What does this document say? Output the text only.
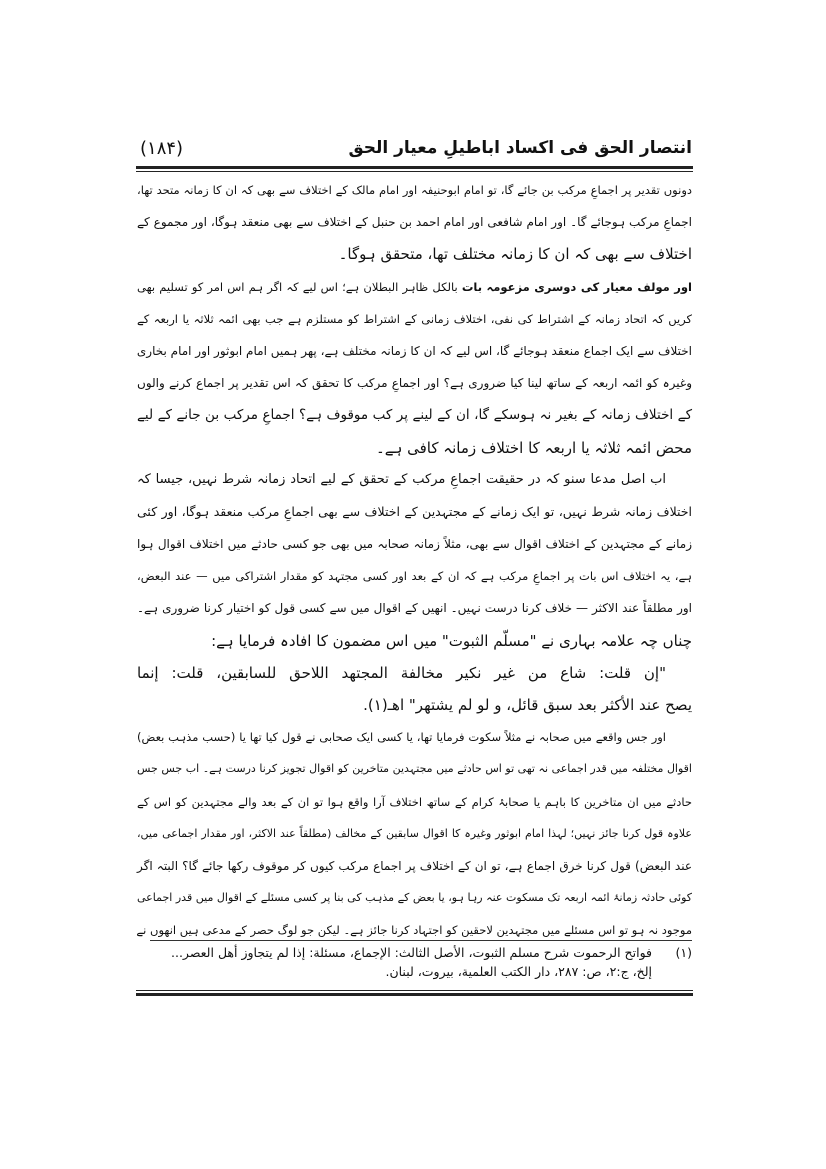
انتصار الحق فی اکساد اباطیلِ معیار الحق
(۱۸۴)
دونوں تقدیر پر اجماعِ مرکب بن جائے گا، تو امام ابوحنیفہ اور امام مالک کے اختلاف سے بھی کہ ان کا زمانہ متحد تھا،
اجماعِ مرکب ہوجائے گا۔ اور امام شافعی اور امام احمد بن حنبل کے اختلاف سے بھی منعقد ہوگا، اور مجموع کے
اختلاف سے بھی کہ ان کا زمانہ مختلف تھا، متحقق ہوگا۔
اور مولف معیار کی دوسری مزعومہ بات بالکل ظاہر البطلان ہے؛ اس لیے کہ اگر ہم اس امر کو تسلیم بھی
کریں کہ اتحاد زمانہ کے اشتراط کی نفی، اختلاف زمانی کے اشتراط کو مستلزم ہے جب بھی ائمہ ثلاثہ یا اربعہ کے
اختلاف سے ایک اجماع منعقد ہوجائے گا، اس لیے کہ ان کا زمانہ مختلف ہے، پھر ہمیں امام ابوثور اور امام بخاری
وغیرہ کو ائمہ اربعہ کے ساتھ لینا کیا ضروری ہے؟ اور اجماعِ مرکب کا تحقق کہ اس تقدیر پر اجماع کرنے والوں
کے اختلاف زمانہ کے بغیر نہ ہوسکے گا، ان کے لینے پر کب موقوف ہے؟ اجماعِ مرکب بن جانے کے لیے
محض ائمہ ثلاثہ یا اربعہ کا اختلاف زمانہ کافی ہے۔
اب اصل مدعا سنو کہ در حقیقت اجماعِ مرکب کے تحقق کے لیے اتحاد زمانہ شرط نہیں، جیسا کہ
اختلاف زمانہ شرط نہیں، تو ایک زمانے کے مجتہدین کے اختلاف سے بھی اجماعِ مرکب منعقد ہوگا، اور کئی
زمانے کے مجتہدین کے اختلاف اقوال سے بھی، مثلاً زمانہ صحابہ میں بھی جو کسی حادثے میں اختلاف اقوال ہوا
ہے، یہ اختلاف اس بات پر اجماعِ مرکب ہے کہ ان کے بعد اور کسی مجتہد کو مقدار اشتراکی میں — عند البعض،
اور مطلقاً عند الاکثر — خلاف کرنا درست نہیں۔ انھیں کے اقوال میں سے کسی قول کو اختیار کرنا ضروری ہے۔
چناں چہ علامہ بہاری نے "مسلّم الثبوت" میں اس مضمون کا افادہ فرمایا ہے:
"إن قلت: شاع من غير نكير مخالفة المجتهد اللاحق للسابقين، قلت: إنما
يصح عند الأكثر بعد سبق قائل، و لو لم يشتهر" اهـ(١).
اور جس واقعے میں صحابہ نے مثلاً سکوت فرمایا تھا، یا کسی ایک صحابی نے قول کیا تھا یا (حسب مذہب بعض)
اقوال مختلفہ میں قدر اجماعی نہ تھی تو اس حادثے میں مجتہدین متاخرین کو اقوال تجویز کرنا درست ہے۔ اب جس جس
حادثے میں ان متاخرین کا باہم یا صحابۂ کرام کے ساتھ اختلاف آرا واقع ہوا تو ان کے بعد والے مجتہدین کو اس کے
علاوہ قول کرنا جائز نہیں؛ لہذا امام ابوثور وغیرہ کا اقوال سابقین کے مخالف (مطلقاً عند الاکثر، اور مقدار اجماعی میں،
عند البعض) قول کرنا خرق اجماع ہے، تو ان کے اختلاف پر اجماع مرکب کیوں کر موقوف رکھا جائے گا؟ البتہ اگر
کوئی حادثہ زمانۂ ائمہ اربعہ تک مسکوت عنہ رہا ہو، یا بعض کے مذہب کی بنا پر کسی مسئلے کے اقوال میں قدر اجماعی
موجود نہ ہو تو اس مسئلے میں مجتہدین لاحقین کو اجتہاد کرنا جائز ہے۔ لیکن جو لوگ حصر کے مدعی ہیں انھوں نے
(١)فواتح الرحموت شرح مسلم الثبوت، الأصل الثالث: الإجماع، مسئلة: إذا لم يتجاوز أهل العصر...
إلخ، ج:٢، ص: ٢٨٧، دار الكتب العلمية، بيروت، لبنان.
